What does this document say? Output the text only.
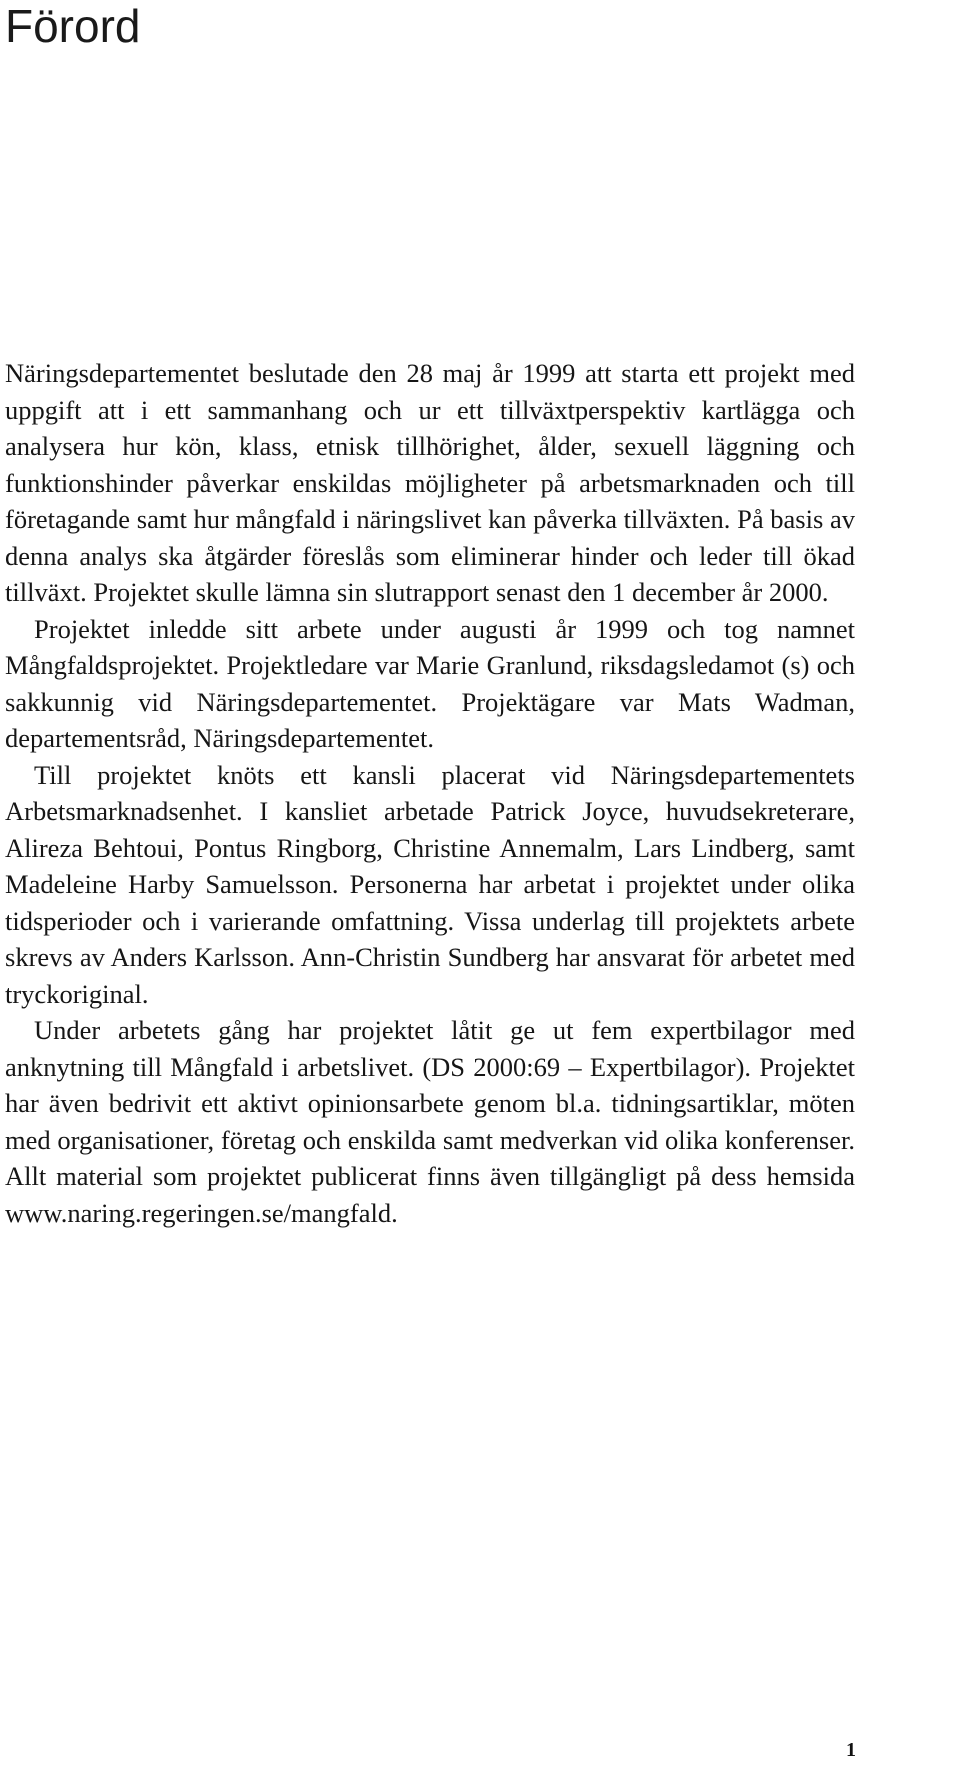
Förord

Näringsdepartementet beslutade den 28 maj år 1999 att starta ett projekt med uppgift att i ett sammanhang och ur ett tillväxtperspektiv kartlägga och analysera hur kön, klass, etnisk tillhörighet, ålder, sexuell läggning och funktionshinder påverkar enskildas möjligheter på arbetsmarknaden och till företagande samt hur mångfald i näringslivet kan påverka tillväxten. På basis av denna analys ska åtgärder föreslås som eliminerar hinder och leder till ökad tillväxt. Projektet skulle lämna sin slutrapport senast den 1 december år 2000.

Projektet inledde sitt arbete under augusti år 1999 och tog namnet Mångfaldsprojektet. Projektledare var Marie Granlund, riksdagsledamot (s) och sakkunnig vid Näringsdepartementet. Projektägare var Mats Wadman, departementsråd, Näringsdepartementet.

Till projektet knöts ett kansli placerat vid Näringsdepartementets Arbetsmarknadsenhet. I kansliet arbetade Patrick Joyce, huvudsekreterare, Alireza Behtoui, Pontus Ringborg, Christine Annemalm, Lars Lindberg, samt Madeleine Harby Samuelsson. Personerna har arbetat i projektet under olika tidsperioder och i varierande omfattning. Vissa underlag till projektets arbete skrevs av Anders Karlsson. Ann-Christin Sundberg har ansvarat för arbetet med tryckoriginal.

Under arbetets gång har projektet låtit ge ut fem expertbilagor med anknytning till Mångfald i arbetslivet. (DS 2000:69 – Expertbilagor). Projektet har även bedrivit ett aktivt opinionsarbete genom bl.a. tidningsartiklar, möten med organisationer, företag och enskilda samt medverkan vid olika konferenser. Allt material som projektet publicerat finns även tillgängligt på dess hemsida www.naring.regeringen.se/mangfald.

1
